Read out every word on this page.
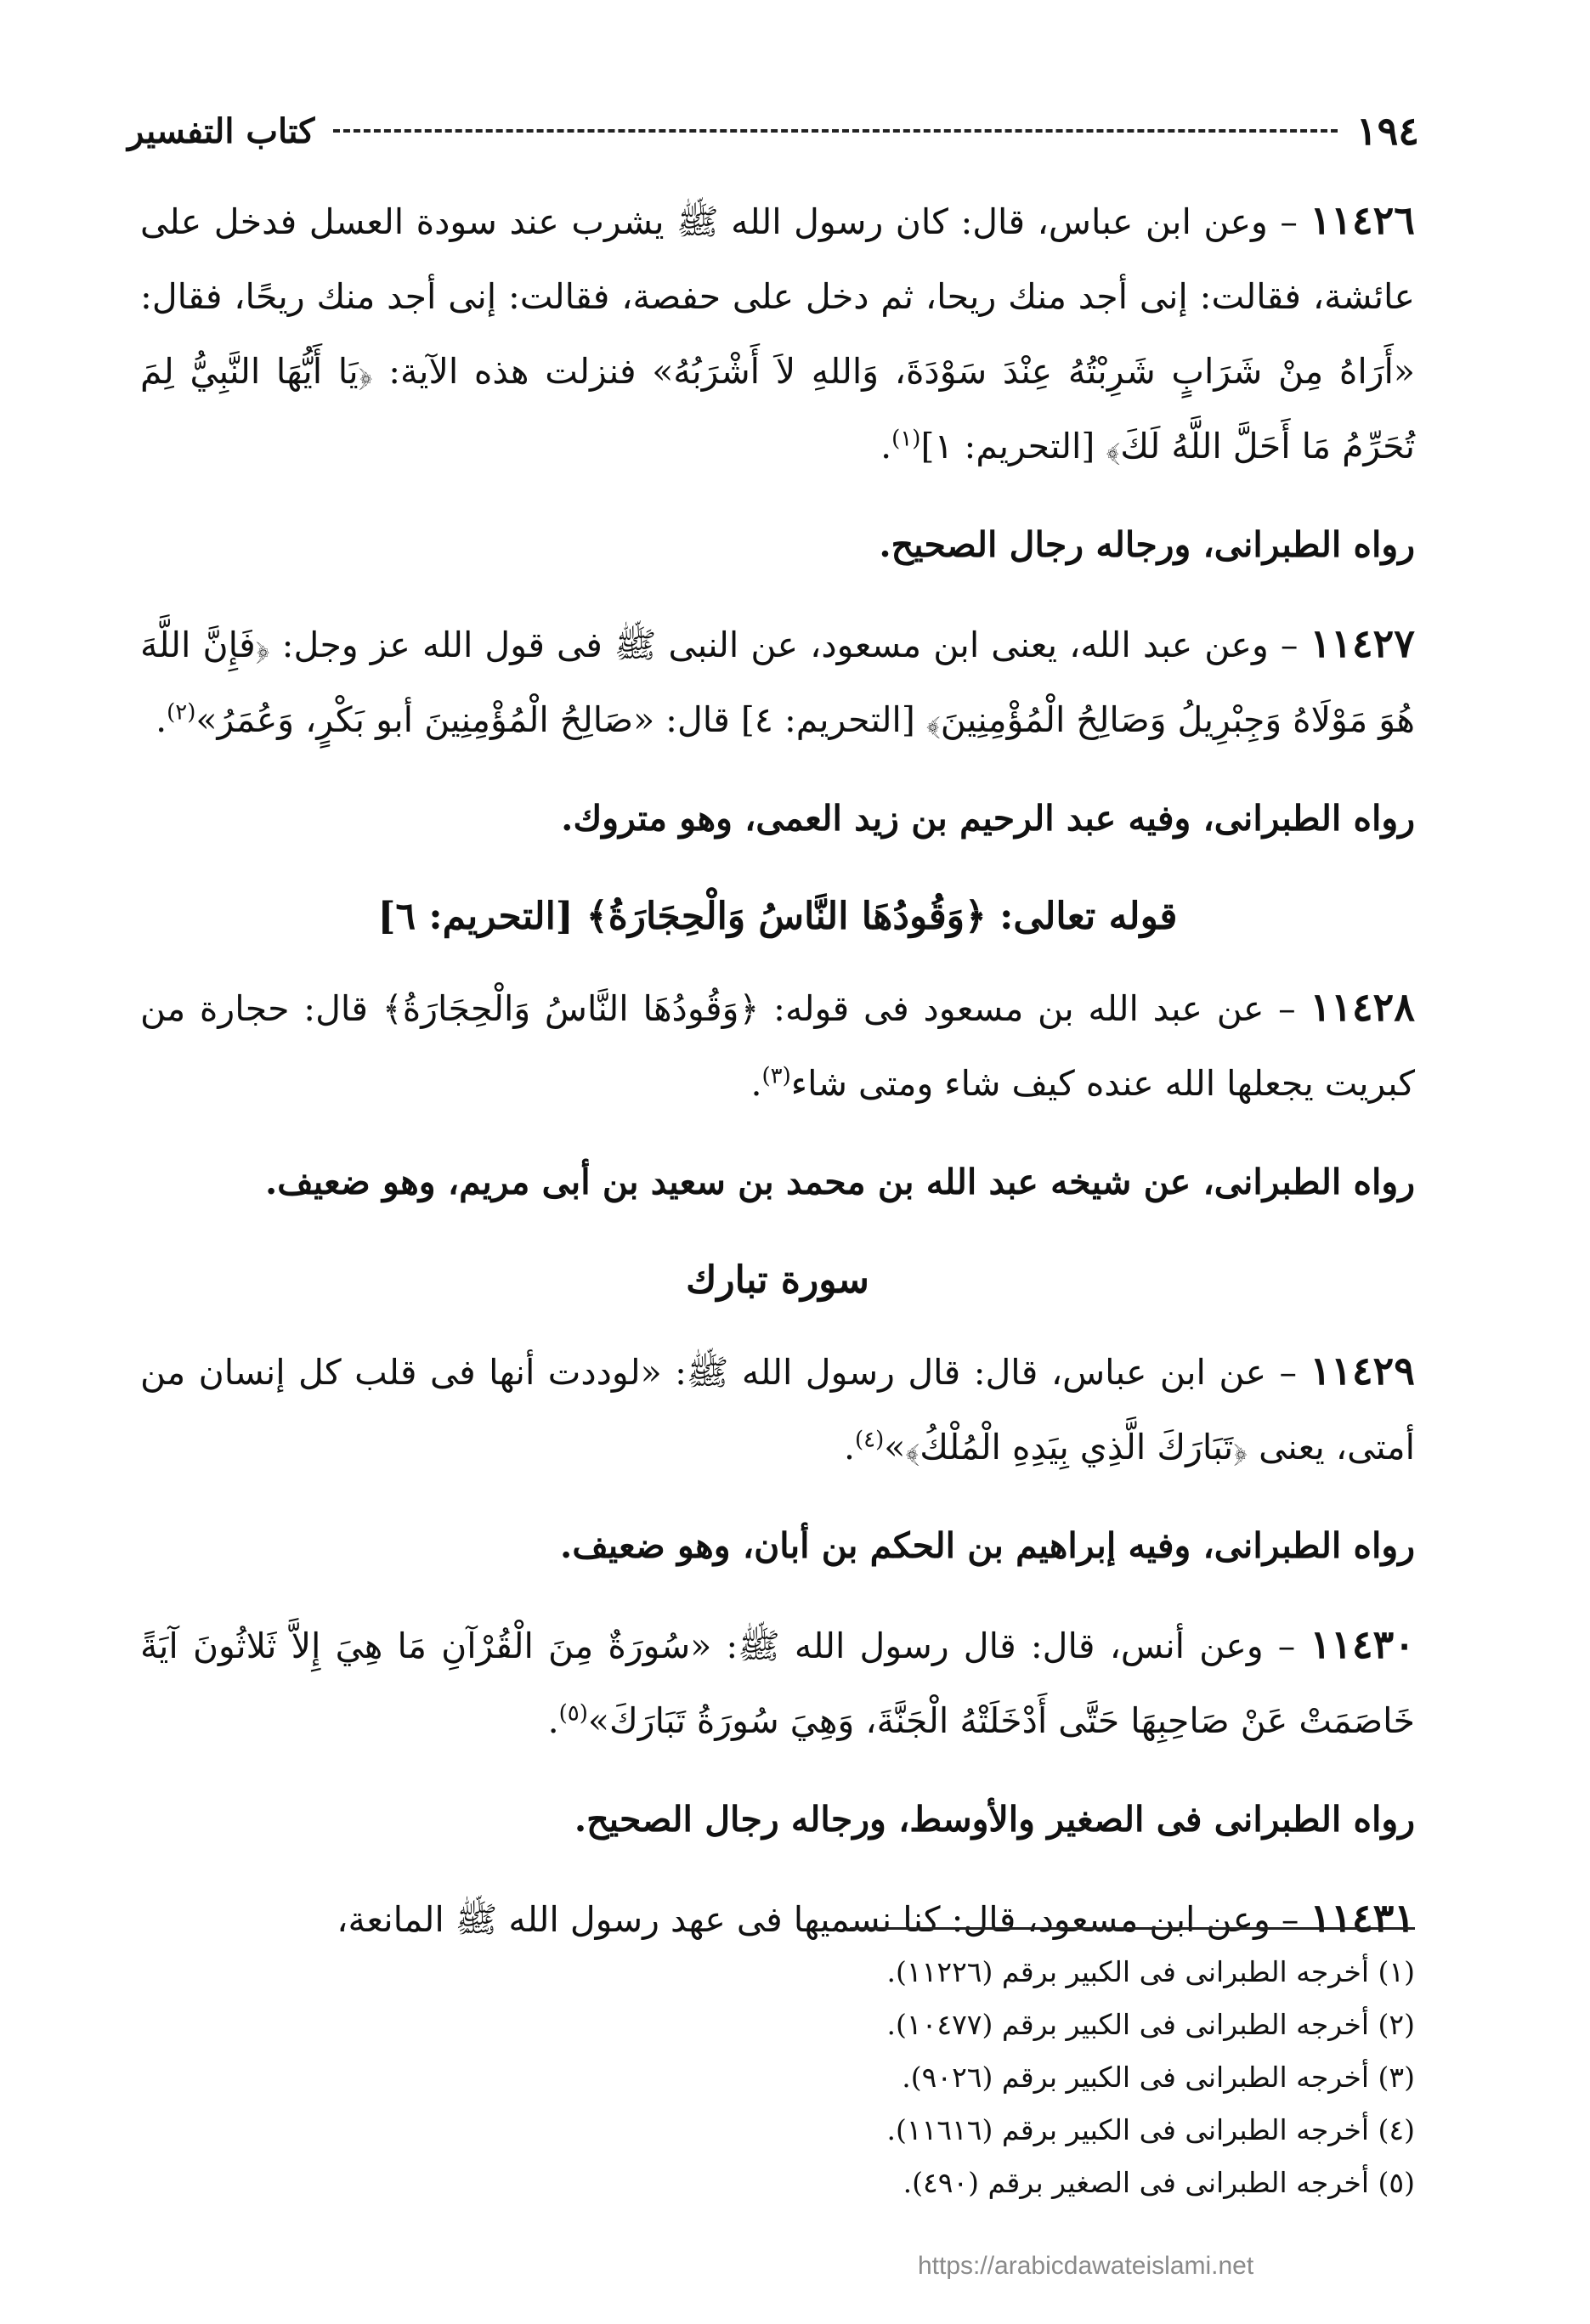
١٩٤
كتاب التفسير

١١٤٢٦ – وعن ابن عباس، قال: كان رسول الله ﷺ يشرب عند سودة العسل فدخل على عائشة، فقالت: إنى أجد منك ريحا، ثم دخل على حفصة، فقالت: إنى أجد منك ريحًا، فقال: «أَرَاهُ مِنْ شَرَابٍ شَرِبْتُهُ عِنْدَ سَوْدَةَ، وَاللهِ لاَ أَشْرَبُهُ» فنزلت هذه الآية: ﴿يَا أَيُّهَا النَّبِيُّ لِمَ تُحَرِّمُ مَا أَحَلَّ اللَّهُ لَكَ﴾ [التحريم: ١]$^{(١)}$.

رواه الطبرانى، ورجاله رجال الصحيح.

١١٤٢٧ – وعن عبد الله، يعنى ابن مسعود، عن النبى ﷺ فى قول الله عز وجل: ﴿فَإِنَّ اللَّهَ هُوَ مَوْلَاهُ وَجِبْرِيلُ وَصَالِحُ الْمُؤْمِنِينَ﴾ [التحريم: ٤] قال: «صَالِحُ الْمُؤْمِنِينَ أبو بَكْرٍ، وَعُمَرُ»$^{(٢)}$.

رواه الطبرانى، وفيه عبد الرحيم بن زيد العمى، وهو متروك.

قوله تعالى: ﴿وَقُودُهَا النَّاسُ وَالْحِجَارَةُ﴾ [التحريم: ٦]

١١٤٢٨ – عن عبد الله بن مسعود فى قوله: ﴿وَقُودُهَا النَّاسُ وَالْحِجَارَةُ﴾ قال: حجارة من كبريت يجعلها الله عنده كيف شاء ومتى شاء$^{(٣)}$.

رواه الطبرانى، عن شيخه عبد الله بن محمد بن سعيد بن أبى مريم، وهو ضعيف.

سورة تبارك

١١٤٢٩ – عن ابن عباس، قال: قال رسول الله ﷺ: «لوددت أنها فى قلب كل إنسان من أمتى، يعنى ﴿تَبَارَكَ الَّذِي بِيَدِهِ الْمُلْكُ﴾»$^{(٤)}$.

رواه الطبرانى، وفيه إبراهيم بن الحكم بن أبان، وهو ضعيف.

١١٤٣٠ – وعن أنس، قال: قال رسول الله ﷺ: «سُورَةٌ مِنَ الْقُرْآنِ مَا هِيَ إِلاَّ ثَلاثُونَ آيَةً خَاصَمَتْ عَنْ صَاحِبِهَا حَتَّى أَدْخَلَتْهُ الْجَنَّةَ، وَهِيَ سُورَةُ تَبَارَكَ»$^{(٥)}$.

رواه الطبرانى فى الصغير والأوسط، ورجاله رجال الصحيح.

١١٤٣١ – وعن ابن مسعود، قال: كنا نسميها فى عهد رسول الله ﷺ المانعة،

(١) أخرجه الطبرانى فى الكبير برقم (١١٢٢٦).
(٢) أخرجه الطبرانى فى الكبير برقم (١٠٤٧٧).
(٣) أخرجه الطبرانى فى الكبير برقم (٩٠٢٦).
(٤) أخرجه الطبرانى فى الكبير برقم (١١٦١٦).
(٥) أخرجه الطبرانى فى الصغير برقم (٤٩٠).
https://arabicdawateislami.net
